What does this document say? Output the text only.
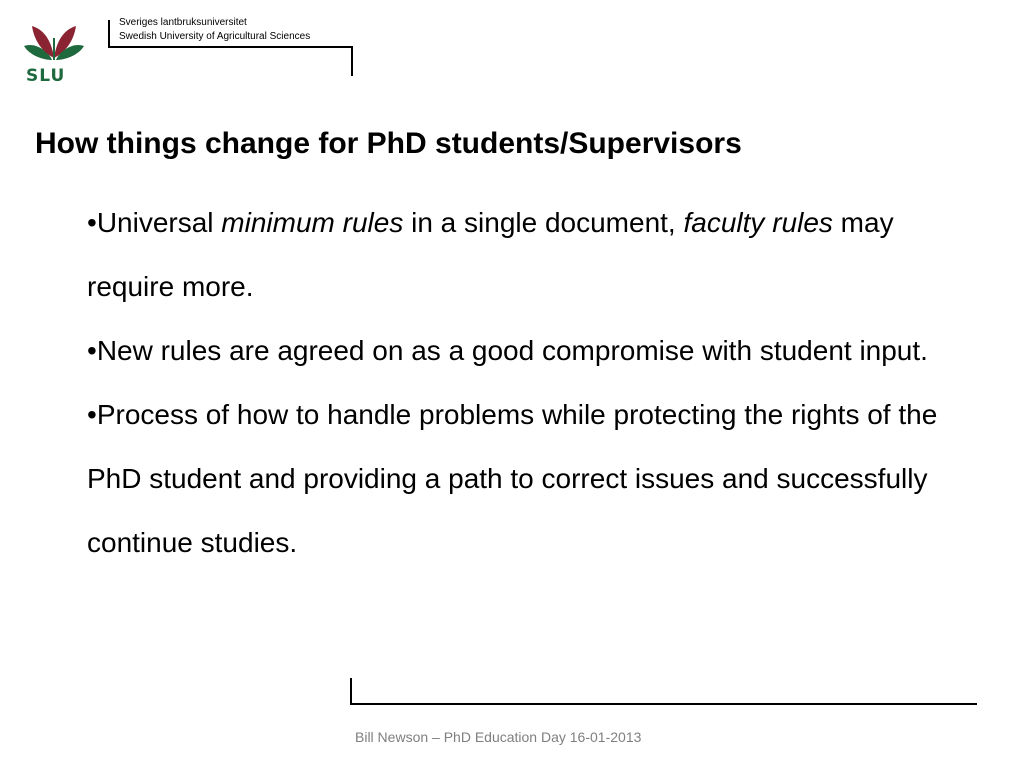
SLU
Sveriges lantbruksuniversitet
Swedish University of Agricultural Sciences
How things change for PhD students/Supervisors
•Universal minimum rules in a single document, faculty rules may require more.
•New rules are agreed on as a good compromise with student input.
•Process of how to handle problems while protecting the rights of the PhD student and providing a path to correct issues and successfully continue studies.
Bill Newson – PhD Education Day 16-01-2013
